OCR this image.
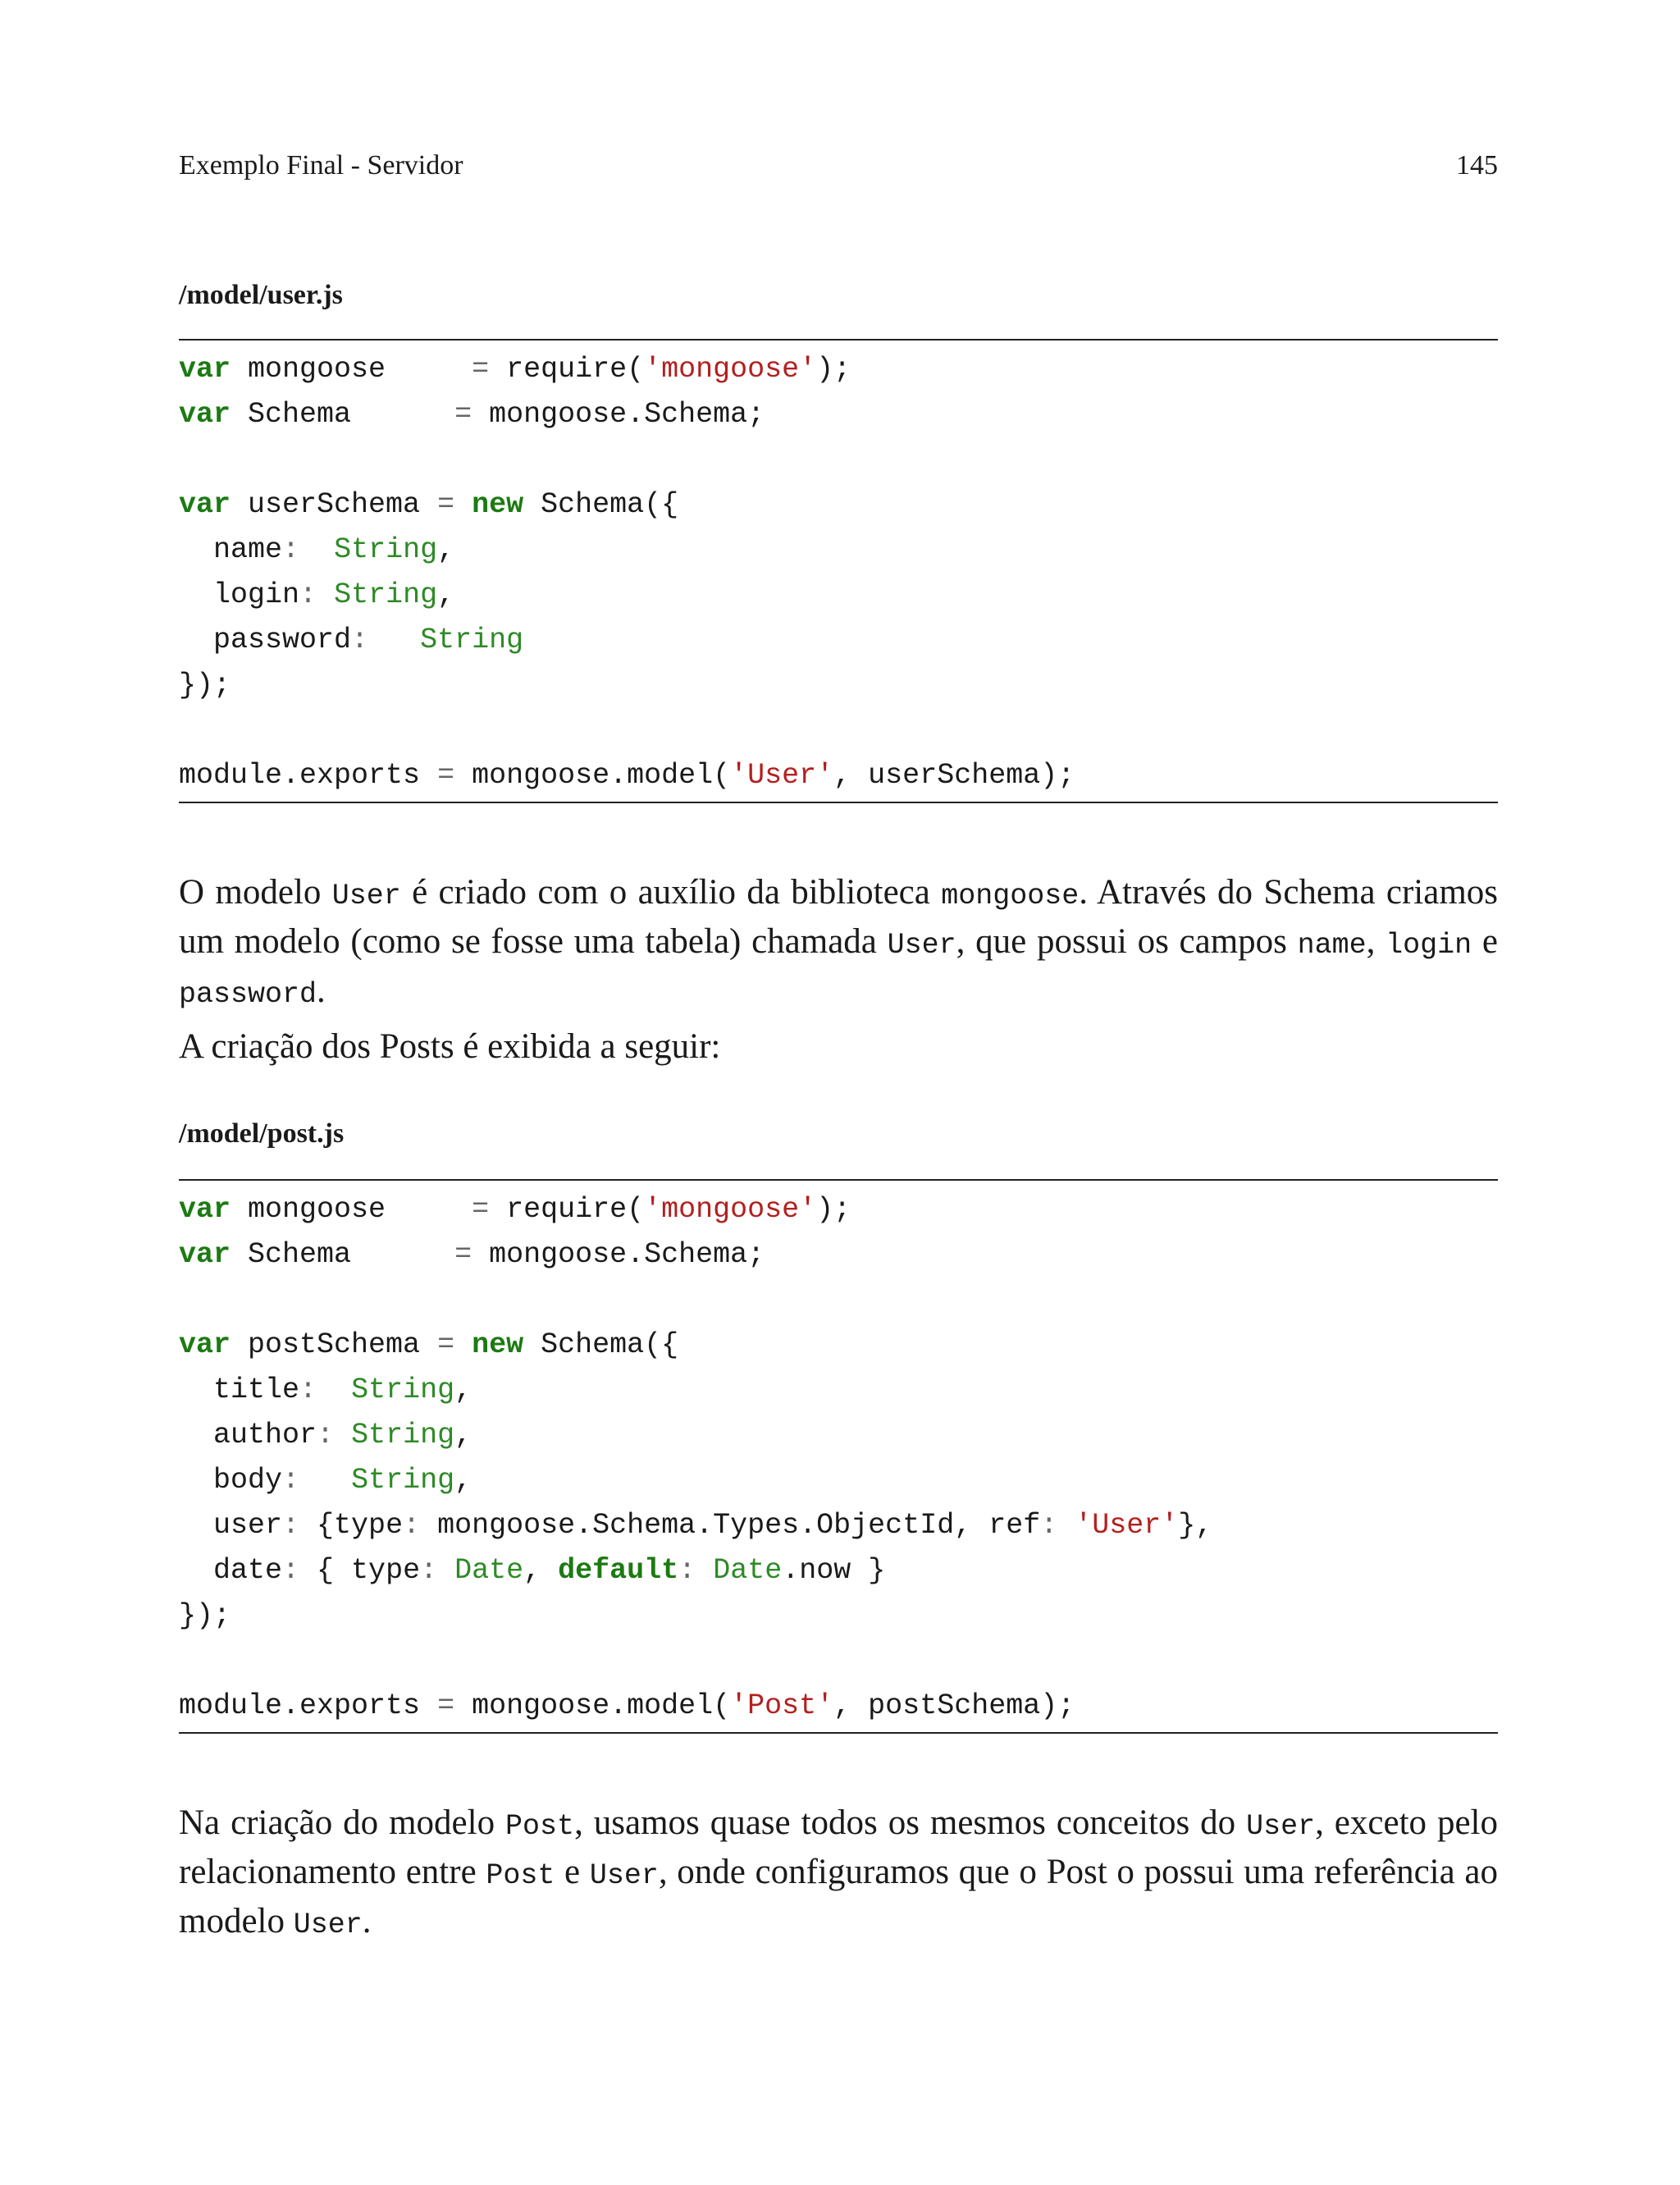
Exemplo Final - Servidor	145
/model/user.js
var mongoose     = require('mongoose');
var Schema      = mongoose.Schema;

var userSchema = new Schema({
name: String,
login: String,
password: String
});

module.exports = mongoose.model('User', userSchema);
O modelo User é criado com o auxílio da biblioteca mongoose. Através do Schema criamos um modelo (como se fosse uma tabela) chamada User, que possui os campos name, login e password.
A criação dos Posts é exibida a seguir:
/model/post.js
var mongoose     = require('mongoose');
var Schema      = mongoose.Schema;

var postSchema = new Schema({
title: String,
author: String,
body: String,
user: {type: mongoose.Schema.Types.ObjectId, ref: 'User'},
date: { type: Date, default: Date.now }
});

module.exports = mongoose.model('Post', postSchema);
Na criação do modelo Post, usamos quase todos os mesmos conceitos do User, exceto pelo relacionamento entre Post e User, onde configuramos que o Post o possui uma referência ao modelo User.
